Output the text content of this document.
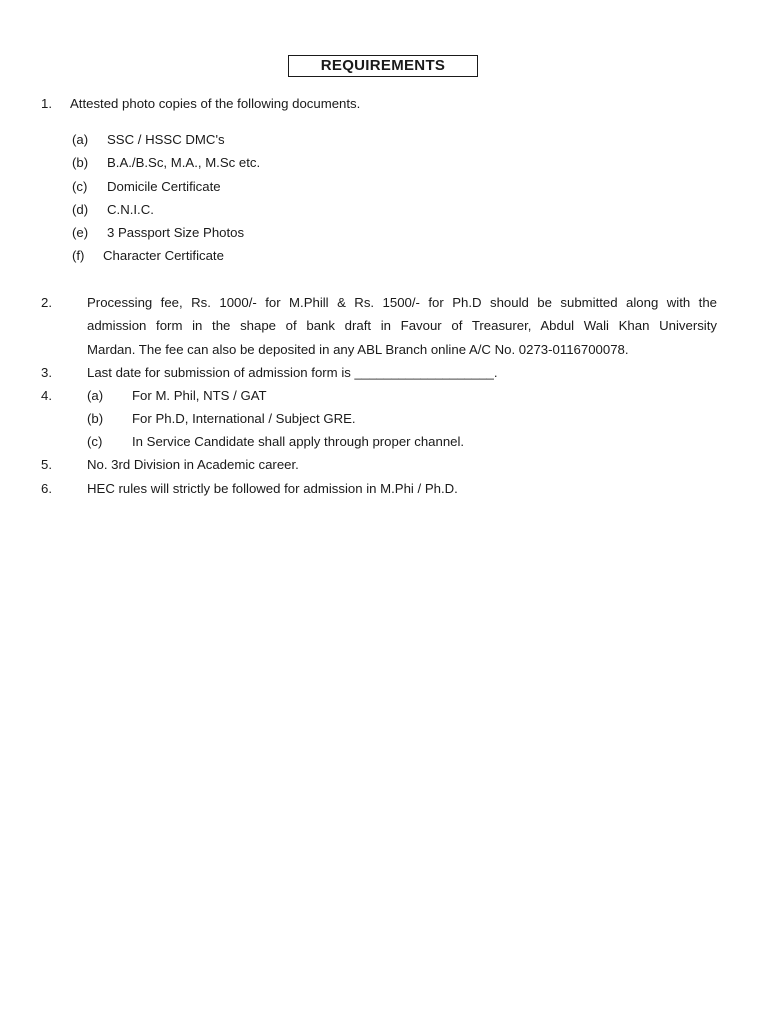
REQUIREMENTS
1. Attested photo copies of the following documents.
(a) SSC / HSSC DMC's
(b) B.A./B.Sc, M.A., M.Sc etc.
(c) Domicile Certificate
(d) C.N.I.C.
(e) 3 Passport Size Photos
(f) Character Certificate
2.	Processing fee, Rs. 1000/- for M.Phill & Rs. 1500/- for Ph.D should be submitted along with the
admission form in the shape of bank draft in Favour of Treasurer, Abdul Wali Khan University
Mardan. The fee can also be deposited in any ABL Branch online A/C No. 0273-0116700078.
3.	Last date for submission of admission form is ___________________.
4.	(a) For M. Phil, NTS / GAT
(b) For Ph.D, International / Subject GRE.
(c) In Service Candidate shall apply through proper channel.
5.	No. 3rd Division in Academic career.
6.	HEC rules will strictly be followed for admission in M.Phi / Ph.D.
